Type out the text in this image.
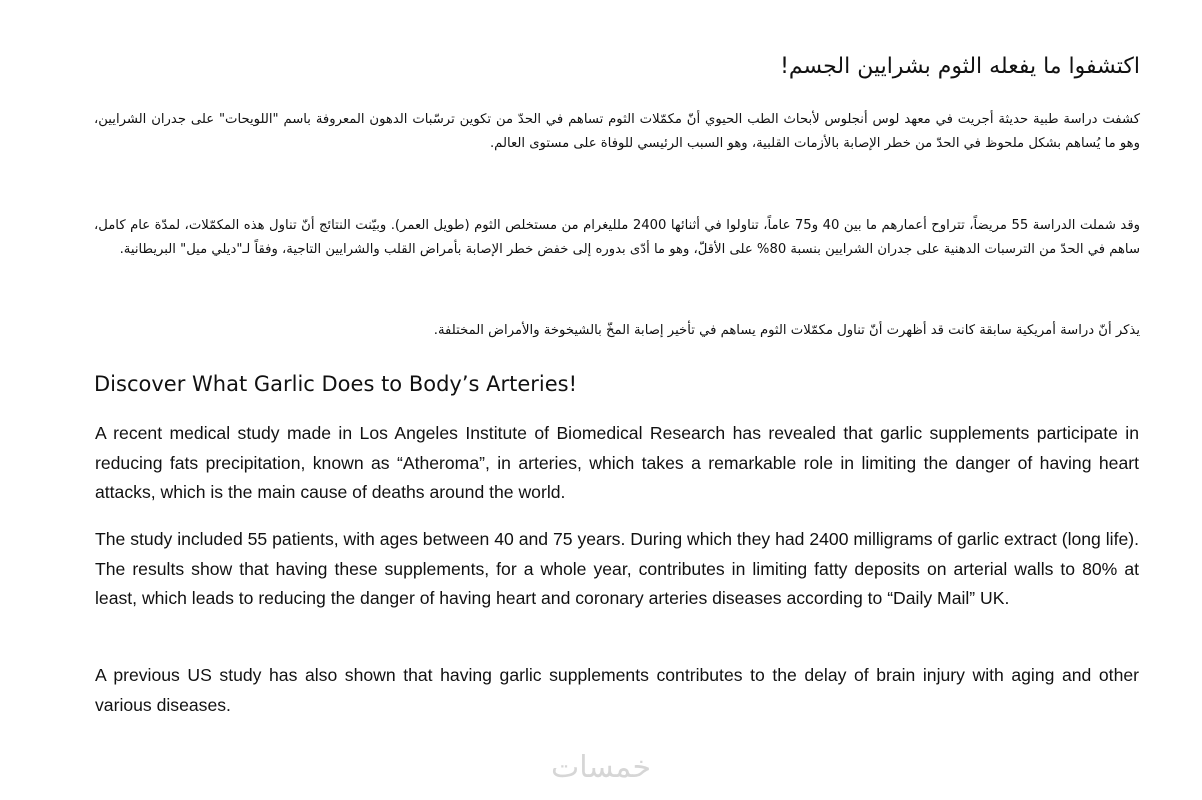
اكتشفوا ما يفعله الثوم بشرايين الجسم!

كشفت دراسة طبية حديثة أجريت في معهد لوس أنجلوس لأبحاث الطب الحيوي أنّ مكمّلات الثوم تساهم في الحدّ من تكوين ترسّبات الدهون المعروفة باسم "اللويحات" على جدران الشرايين، وهو ما يُساهم بشكل ملحوظ في الحدّ من خطر الإصابة بالأزمات القلبية، وهو السبب الرئيسي للوفاة على مستوى العالم.

وقد شملت الدراسة 55 مريضاً، تتراوح أعمارهم ما بين 40 و75 عاماً، تناولوا في أثنائها 2400 ملليغرام من مستخلص الثوم (طويل العمر). وبيّنت النتائج أنّ تناول هذه المكمّلات، لمدّة عام كامل، ساهم في الحدّ من الترسبات الدهنية على جدران الشرايين بنسبة 80% على الأقلّ، وهو ما أدّى بدوره إلى خفض خطر الإصابة بأمراض القلب والشرايين التاجية، وفقاً لـ"ديلي ميل" البريطانية.

يذكر أنّ دراسة أمريكية سابقة كانت قد أظهرت أنّ تناول مكمّلات الثوم يساهم في تأخير إصابة المخّ بالشيخوخة والأمراض المختلفة.

Discover What Garlic Does to Body’s Arteries!

A recent medical study made in Los Angeles Institute of Biomedical Research has revealed that garlic supplements participate in reducing fats precipitation, known as “Atheroma”, in arteries, which takes a remarkable role in limiting the danger of having heart attacks, which is the main cause of deaths around the world.

The study included 55 patients, with ages between 40 and 75 years. During which they had 2400 milligrams of garlic extract (long life). The results show that having these supplements, for a whole year, contributes in limiting fatty deposits on arterial walls to 80% at least, which leads to reducing the danger of having heart and coronary arteries diseases according to “Daily Mail” UK.

A previous US study has also shown that having garlic supplements contributes to the delay of brain injury with aging and other various diseases.

خمسات
